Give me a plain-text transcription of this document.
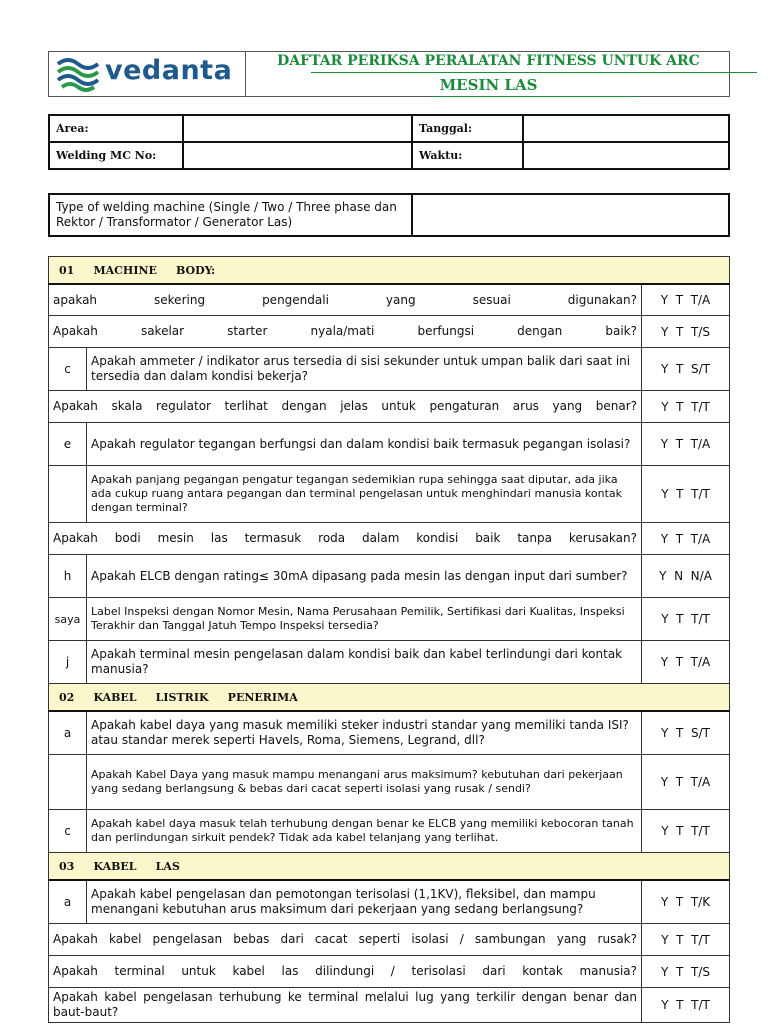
vedanta	DAFTAR PERIKSA PERALATAN FITNESS UNTUK ARC
MESIN LAS
Area:		Tanggal:	
Welding MC No:		Waktu:	
Type of welding machine (Single / Two / Three phase dan Rektor / Transformator / Generator Las)	
01     MACHINE     BODY:		

apakah sekering pengendali yang sesuai digunakan?		Y  T  T/A

Apakah sakelar starter nyala/mati berfungsi dengan baik?		Y  T  T/S
c	Apakah ammeter / indikator arus tersedia di sisi sekunder untuk umpan balik dari saat ini tersedia dan dalam kondisi bekerja?	Y  T  S/T

Apakah skala regulator terlihat dengan jelas untuk pengaturan arus yang benar?		Y  T  T/T
e	Apakah regulator tegangan berfungsi dan dalam kondisi baik termasuk pegangan isolasi?	Y  T  T/A
	Apakah panjang pegangan pengatur tegangan sedemikian rupa sehingga saat diputar, ada jika ada cukup ruang antara pegangan dan terminal pengelasan untuk menghindari manusia kontak dengan terminal?	Y  T  T/T

Apakah bodi mesin las termasuk roda dalam kondisi baik tanpa kerusakan?		Y  T  T/A
h	Apakah ELCB dengan rating≤ 30mA dipasang pada mesin las dengan input dari sumber?	Y  N  N/A
saya	Label Inspeksi dengan Nomor Mesin, Nama Perusahaan Pemilik, Sertifikasi dari Kualitas, Inspeksi Terakhir dan Tanggal Jatuh Tempo Inspeksi tersedia?	Y  T  T/T
j	Apakah terminal mesin pengelasan dalam kondisi baik dan kabel terlindungi dari kontak manusia?	Y  T  T/A
02     KABEL     LISTRIK     PENERIMA		
a	Apakah kabel daya yang masuk memiliki steker industri standar yang memiliki tanda ISI? atau standar merek seperti Havels, Roma, Siemens, Legrand, dll?	Y  T  S/T
	Apakah Kabel Daya yang masuk mampu menangani arus maksimum? kebutuhan dari pekerjaan yang sedang berlangsung & bebas dari cacat seperti isolasi yang rusak / sendi?	Y  T  T/A
c	Apakah kabel daya masuk telah terhubung dengan benar ke ELCB yang memiliki kebocoran tanah dan perlindungan sirkuit pendek? Tidak ada kabel telanjang yang terlihat.	Y  T  T/T
03     KABEL     LAS		
a	Apakah kabel pengelasan dan pemotongan terisolasi (1,1KV), fleksibel, dan mampu menangani kebutuhan arus maksimum dari pekerjaan yang sedang berlangsung?	Y  T  T/K

Apakah kabel pengelasan bebas dari cacat seperti isolasi / sambungan yang rusak?		Y  T  T/T

Apakah terminal untuk kabel las dilindungi / terisolasi dari kontak manusia?		Y  T  T/S

Apakah kabel pengelasan terhubung ke terminal melalui lug yang terkilir dengan benar dan baut-baut?		Y  T  T/T
